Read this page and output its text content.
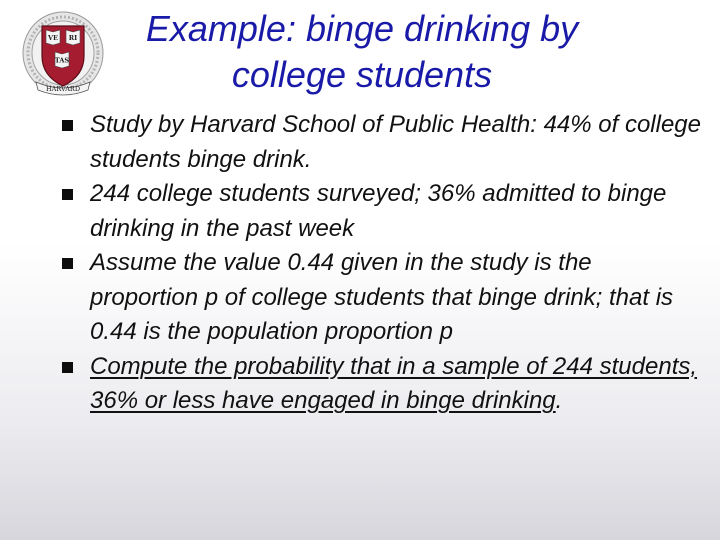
VE RI
TAS
HARVARD
Example: binge drinking by college students
Study by Harvard School of Public Health: 44% of college students binge drink.
244 college students surveyed; 36% admitted to binge drinking in the past week
Assume the value 0.44 given in the study is the proportion p of college students that binge drink; that is 0.44 is the population proportion p
Compute the probability that in a sample of 244 students, 36% or less have engaged in binge drinking.
